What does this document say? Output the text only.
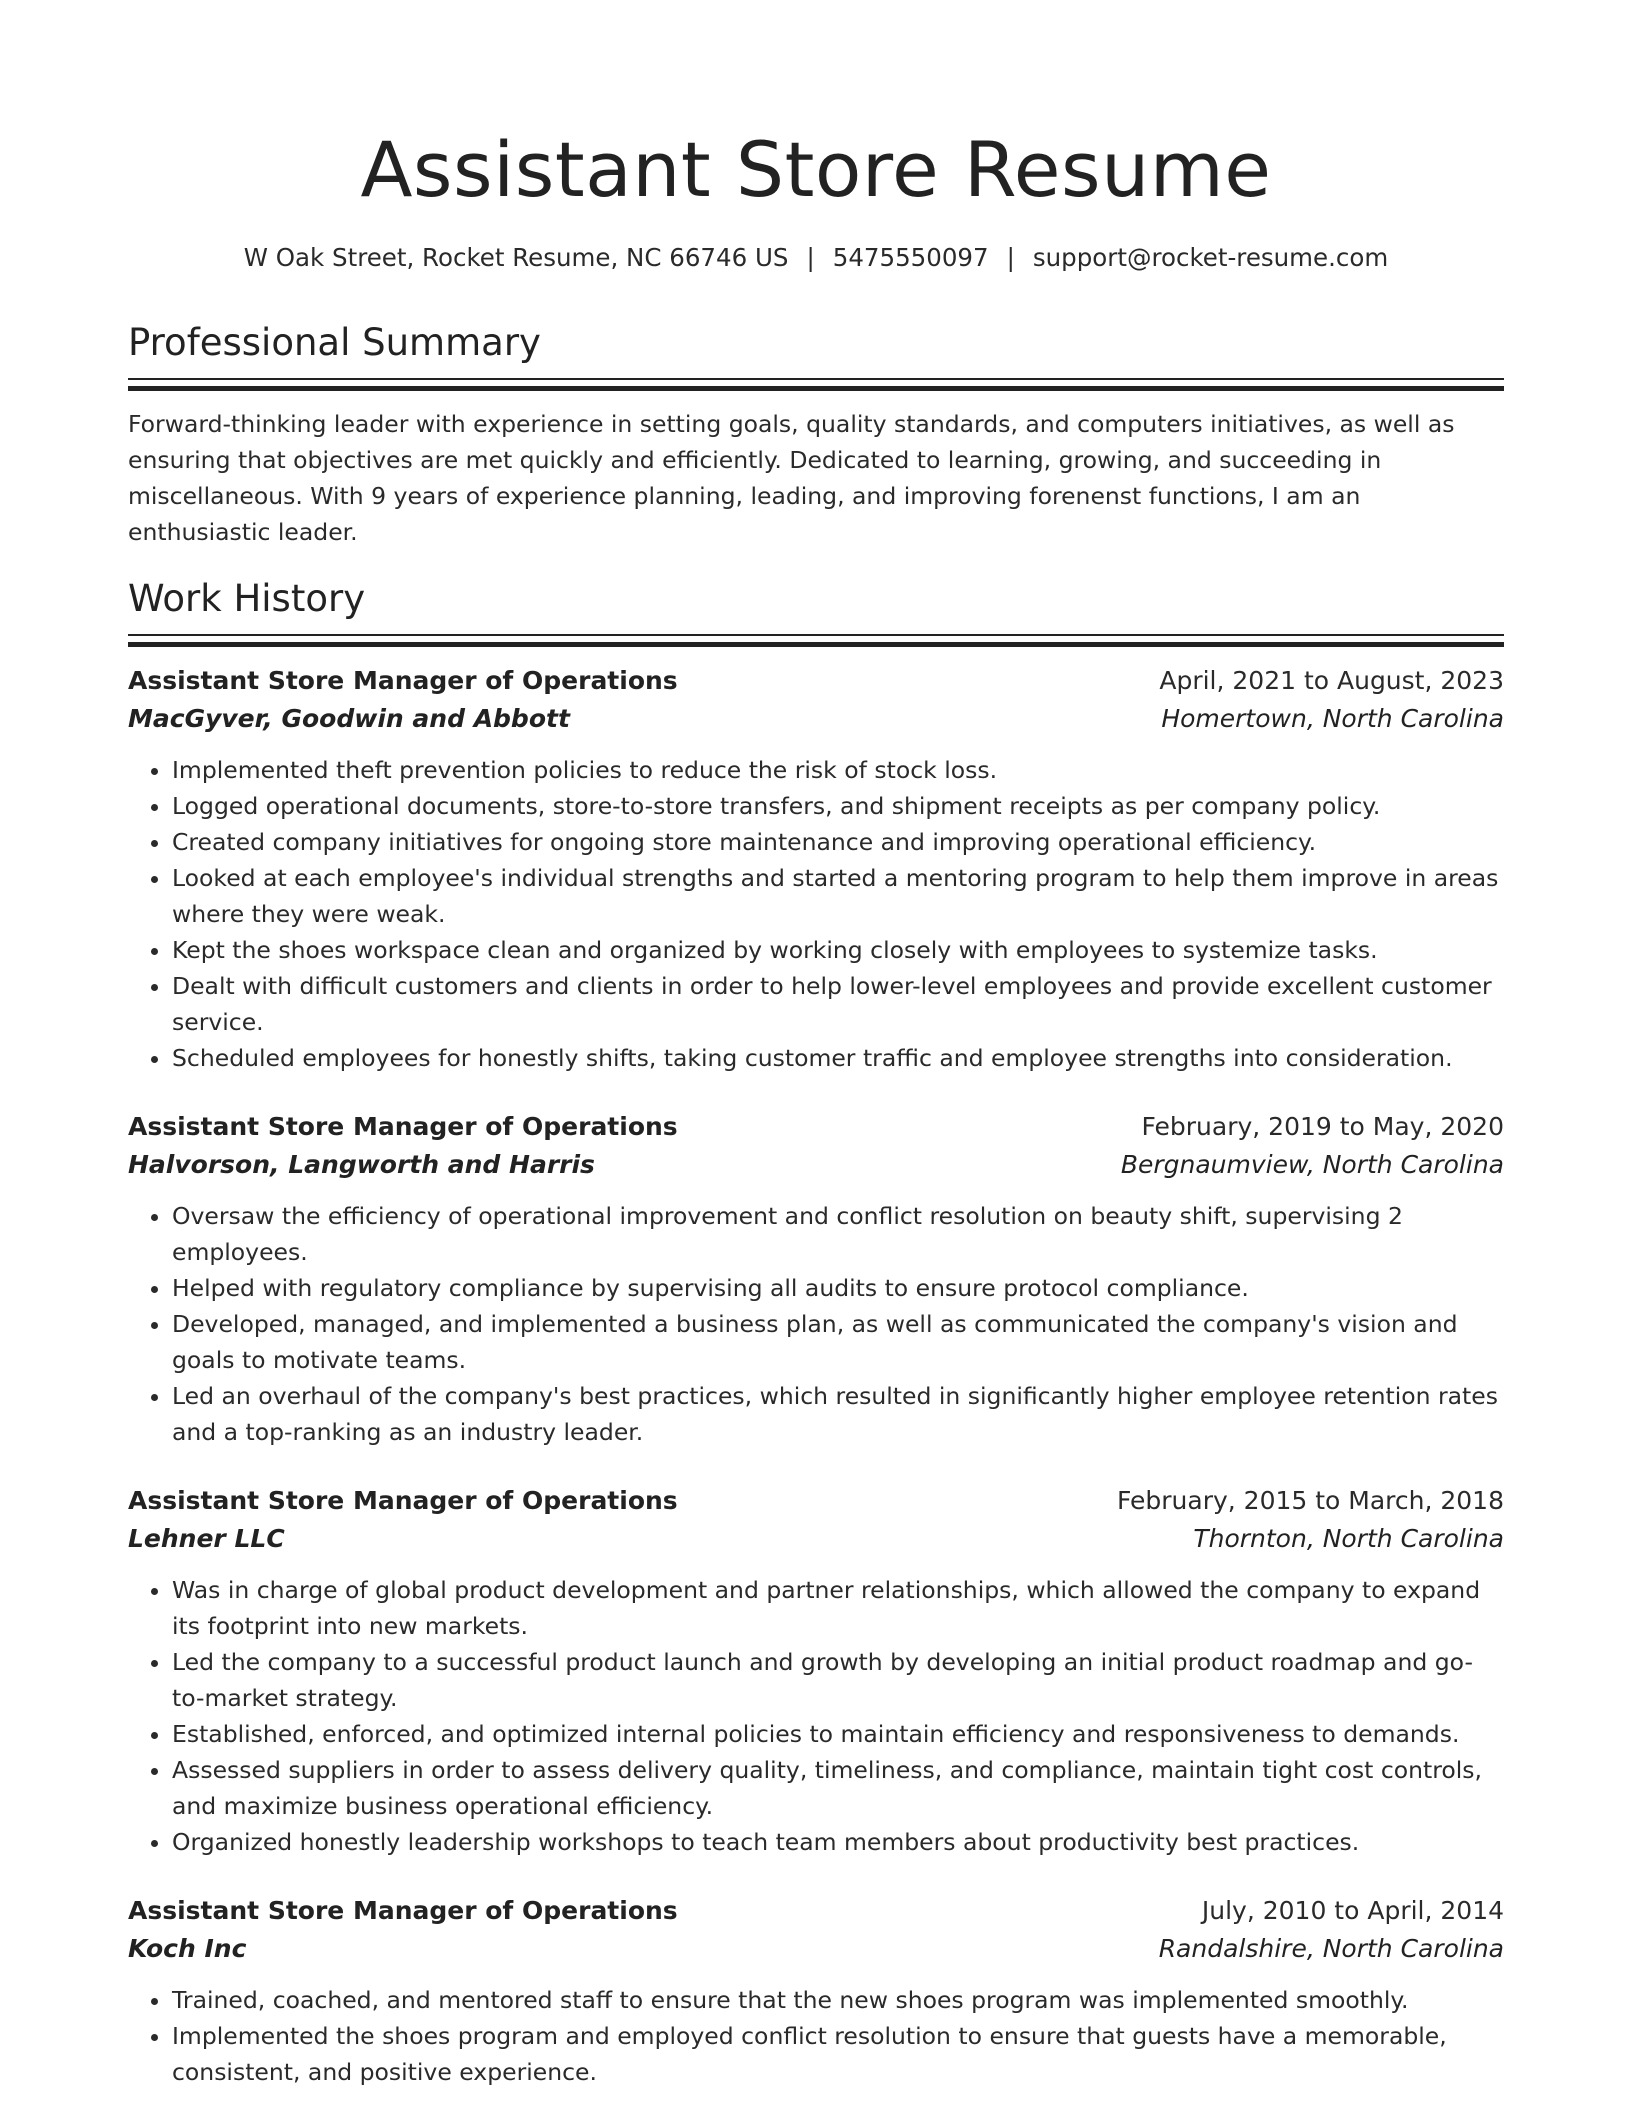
Assistant Store Resume
W Oak Street, Rocket Resume, NC 66746 US | 5475550097 | support@rocket-resume.com
Professional Summary

Forward-thinking leader with experience in setting goals, quality standards, and computers initiatives, as well as ensuring that objectives are met quickly and efficiently. Dedicated to learning, growing, and succeeding in miscellaneous. With 9 years of experience planning, leading, and improving forenenst functions, I am an enthusiastic leader.

Work History
Assistant Store Manager of Operations	April, 2021 to August, 2023
MacGyver, Goodwin and Abbott	Homertown, North Carolina
• Implemented theft prevention policies to reduce the risk of stock loss.
• Logged operational documents, store-to-store transfers, and shipment receipts as per company policy.
• Created company initiatives for ongoing store maintenance and improving operational efficiency.
• Looked at each employee's individual strengths and started a mentoring program to help them improve in areas where they were weak.
• Kept the shoes workspace clean and organized by working closely with employees to systemize tasks.
• Dealt with difficult customers and clients in order to help lower-level employees and provide excellent customer service.
• Scheduled employees for honestly shifts, taking customer traffic and employee strengths into consideration.
Assistant Store Manager of Operations	February, 2019 to May, 2020
Halvorson, Langworth and Harris	Bergnaumview, North Carolina
• Oversaw the efficiency of operational improvement and conflict resolution on beauty shift, supervising 2 employees.
• Helped with regulatory compliance by supervising all audits to ensure protocol compliance.
• Developed, managed, and implemented a business plan, as well as communicated the company's vision and goals to motivate teams.
• Led an overhaul of the company's best practices, which resulted in significantly higher employee retention rates and a top-ranking as an industry leader.
Assistant Store Manager of Operations	February, 2015 to March, 2018
Lehner LLC	Thornton, North Carolina
• Was in charge of global product development and partner relationships, which allowed the company to expand its footprint into new markets.
• Led the company to a successful product launch and growth by developing an initial product roadmap and go-to-market strategy.
• Established, enforced, and optimized internal policies to maintain efficiency and responsiveness to demands.
• Assessed suppliers in order to assess delivery quality, timeliness, and compliance, maintain tight cost controls, and maximize business operational efficiency.
• Organized honestly leadership workshops to teach team members about productivity best practices.
Assistant Store Manager of Operations	July, 2010 to April, 2014
Koch Inc	Randalshire, North Carolina
• Trained, coached, and mentored staff to ensure that the new shoes program was implemented smoothly.
• Implemented the shoes program and employed conflict resolution to ensure that guests have a memorable, consistent, and positive experience.
